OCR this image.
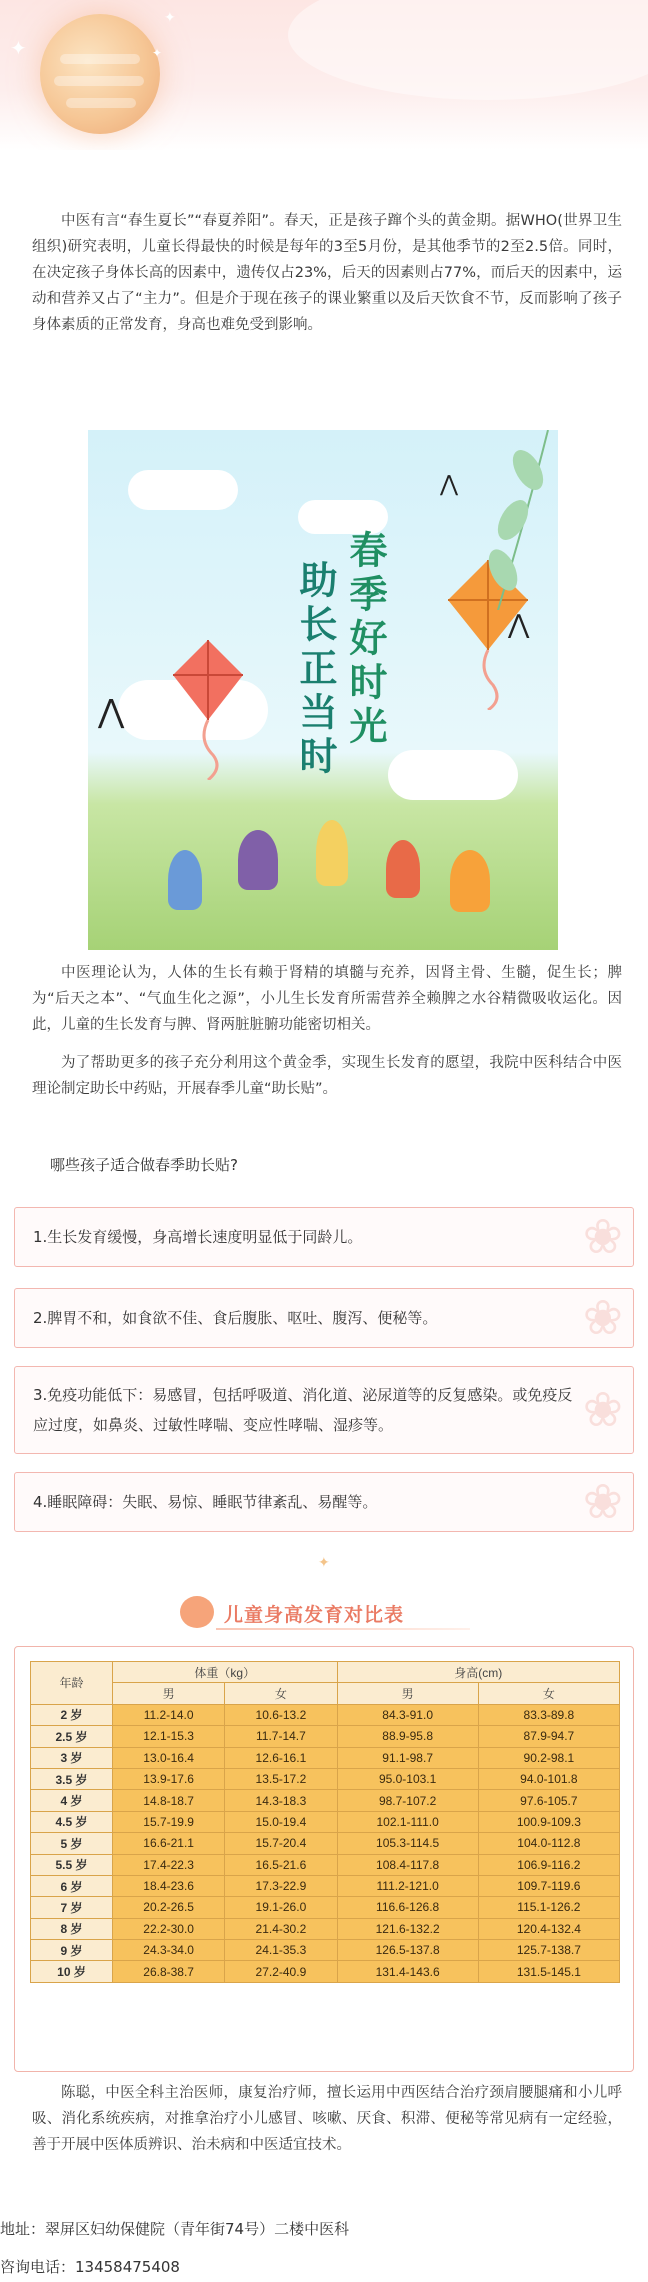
✦
✦
✦

中医有言“春生夏长”“春夏养阳”。春天，正是孩子蹿个头的黄金期。据WHO(世界卫生组织)研究表明，儿童长得最快的时候是每年的3至5月份，是其他季节的2至2.5倍。同时，在决定孩子身体长高的因素中，遗传仅占23%，后天的因素则占77%，而后天的因素中，运动和营养又占了“主力”。但是介于现在孩子的课业繁重以及后天饮食不节，反而影响了孩子身体素质的正常发育，身高也难免受到影响。

春季好时光
助长正当时
⋀
⋀
⋀

中医理论认为，人体的生长有赖于肾精的填髓与充养，因肾主骨、生髓，促生长；脾为“后天之本”、“气血生化之源”，小儿生长发育所需营养全赖脾之水谷精微吸收运化。因此，儿童的生长发育与脾、肾两脏脏腑功能密切相关。

为了帮助更多的孩子充分利用这个黄金季，实现生长发育的愿望，我院中医科结合中医理论制定助长中药贴，开展春季儿童“助长贴”。

哪些孩子适合做春季助长贴?
1.生长发育缓慢，身高增长速度明显低于同龄儿。	❀
2.脾胃不和，如食欲不佳、食后腹胀、呕吐、腹泻、便秘等。	❀
3.免疫功能低下：易感冒，包括呼吸道、消化道、泌尿道等的反复感染。或免疫反应过度，如鼻炎、过敏性哮喘、变应性哮喘、湿疹等。	❀
4.睡眠障碍：失眠、易惊、睡眠节律紊乱、易醒等。	❀
✦
儿童身高发育对比表
年龄	体重（kg）		身高(cm)	
	男	女	男	女
2 岁	11.2-14.0	10.6-13.2	84.3-91.0	83.3-89.8
2.5 岁	12.1-15.3	11.7-14.7	88.9-95.8	87.9-94.7
3 岁	13.0-16.4	12.6-16.1	91.1-98.7	90.2-98.1
3.5 岁	13.9-17.6	13.5-17.2	95.0-103.1	94.0-101.8
4 岁	14.8-18.7	14.3-18.3	98.7-107.2	97.6-105.7
4.5 岁	15.7-19.9	15.0-19.4	102.1-111.0	100.9-109.3
5 岁	16.6-21.1	15.7-20.4	105.3-114.5	104.0-112.8
5.5 岁	17.4-22.3	16.5-21.6	108.4-117.8	106.9-116.2
6 岁	18.4-23.6	17.3-22.9	111.2-121.0	109.7-119.6
7 岁	20.2-26.5	19.1-26.0	116.6-126.8	115.1-126.2
8 岁	22.2-30.0	21.4-30.2	121.6-132.2	120.4-132.4
9 岁	24.3-34.0	24.1-35.3	126.5-137.8	125.7-138.7
10 岁	26.8-38.7	27.2-40.9	131.4-143.6	131.5-145.1

陈聪，中医全科主治医师，康复治疗师，擅长运用中西医结合治疗颈肩腰腿痛和小儿呼吸、消化系统疾病，对推拿治疗小儿感冒、咳嗽、厌食、积滞、便秘等常见病有一定经验，善于开展中医体质辨识、治未病和中医适宜技术。

地址：翠屏区妇幼保健院（青年街74号）二楼中医科
咨询电话：13458475408
